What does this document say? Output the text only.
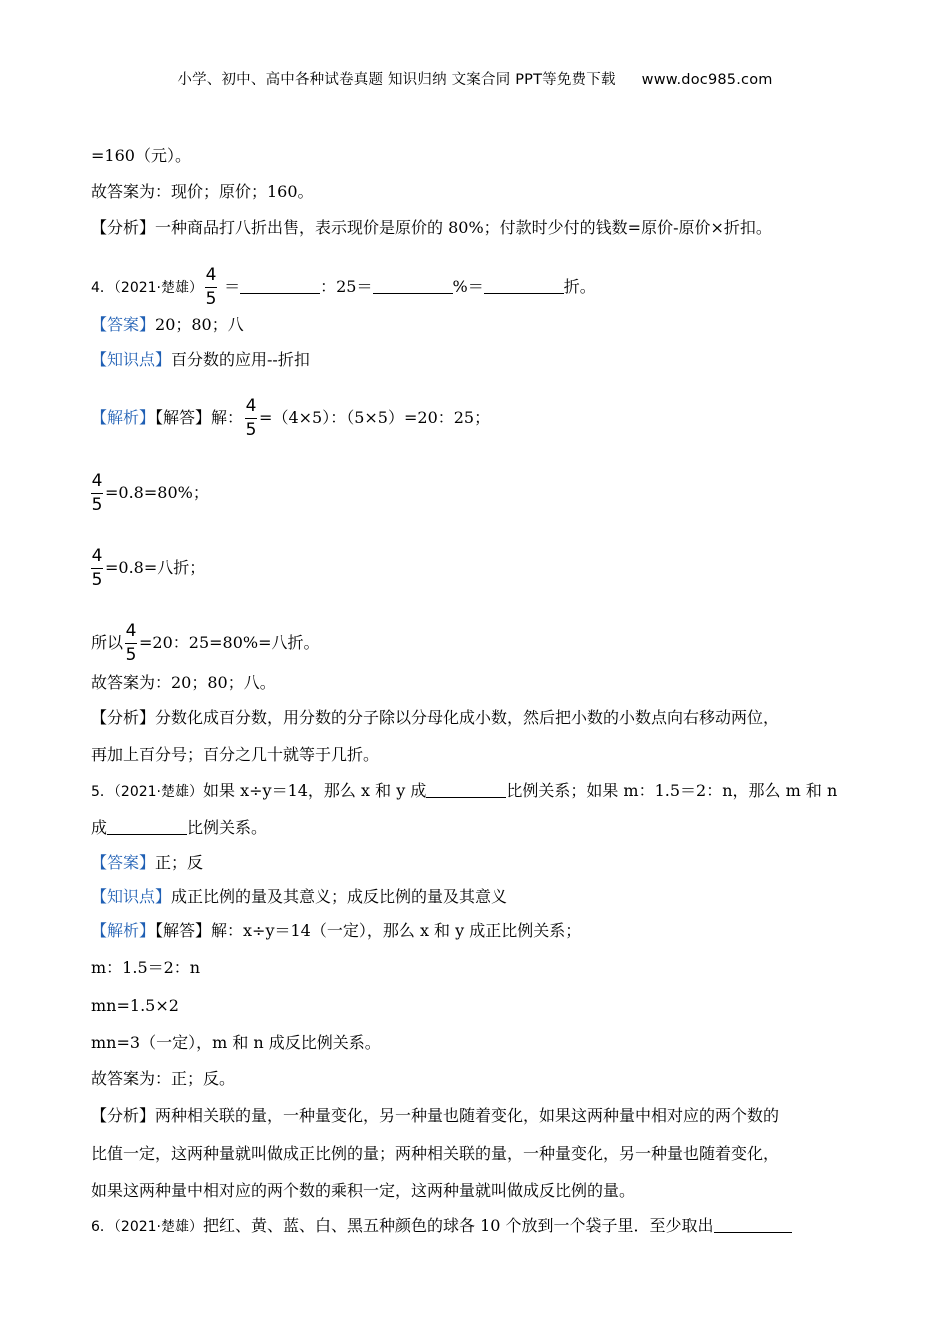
小学、初中、高中各种试卷真题 知识归纳 文案合同 PPT等免费下载 www.doc985.com
=160（元）。
故答案为：现价；原价；160。
【分析】一种商品打八折出售，表示现价是原价的 80%；付款时少付的钱数=原价-原价×折扣。
4．（2021·楚雄） $\frac{4}{5}$ ＝	：25＝	%＝	折。
【答案】20；80；八
【知识点】百分数的应用--折扣
【解析】【解答】解： $\frac{4}{5} =(4\times 5)$：（5×5）=20：25；
$\frac{4}{5} =0.8=80\%$；
$\frac{4}{5} =0.8=$八折；
所以 $\frac{4}{5} =20$：25=80%=八折。
故答案为：20；80；八。
【分析】分数化成百分数，用分数的分子除以分母化成小数，然后把小数的小数点向右移动两位，
再加上百分号；百分之几十就等于几折。
5．（2021·楚雄）如果 x÷y＝14，那么 x 和 y 成	比例关系；如果 m：1.5＝2：n，那么 m 和 n
成	比例关系。
【答案】正；反
【知识点】成正比例的量及其意义；成反比例的量及其意义
【解析】【解答】解：x÷y＝14（一定），那么 x 和 y 成正比例关系；
m：1.5＝2：n
mn=1.5×2
mn=3（一定），m 和 n 成反比例关系。
故答案为：正；反。
【分析】两种相关联的量，一种量变化，另一种量也随着变化，如果这两种量中相对应的两个数的
比值一定，这两种量就叫做成正比例的量；两种相关联的量，一种量变化，另一种量也随着变化，
如果这两种量中相对应的两个数的乘积一定，这两种量就叫做成反比例的量。
6．（2021·楚雄）把红、黄、蓝、白、黑五种颜色的球各 10 个放到一个袋子里．至少取出
